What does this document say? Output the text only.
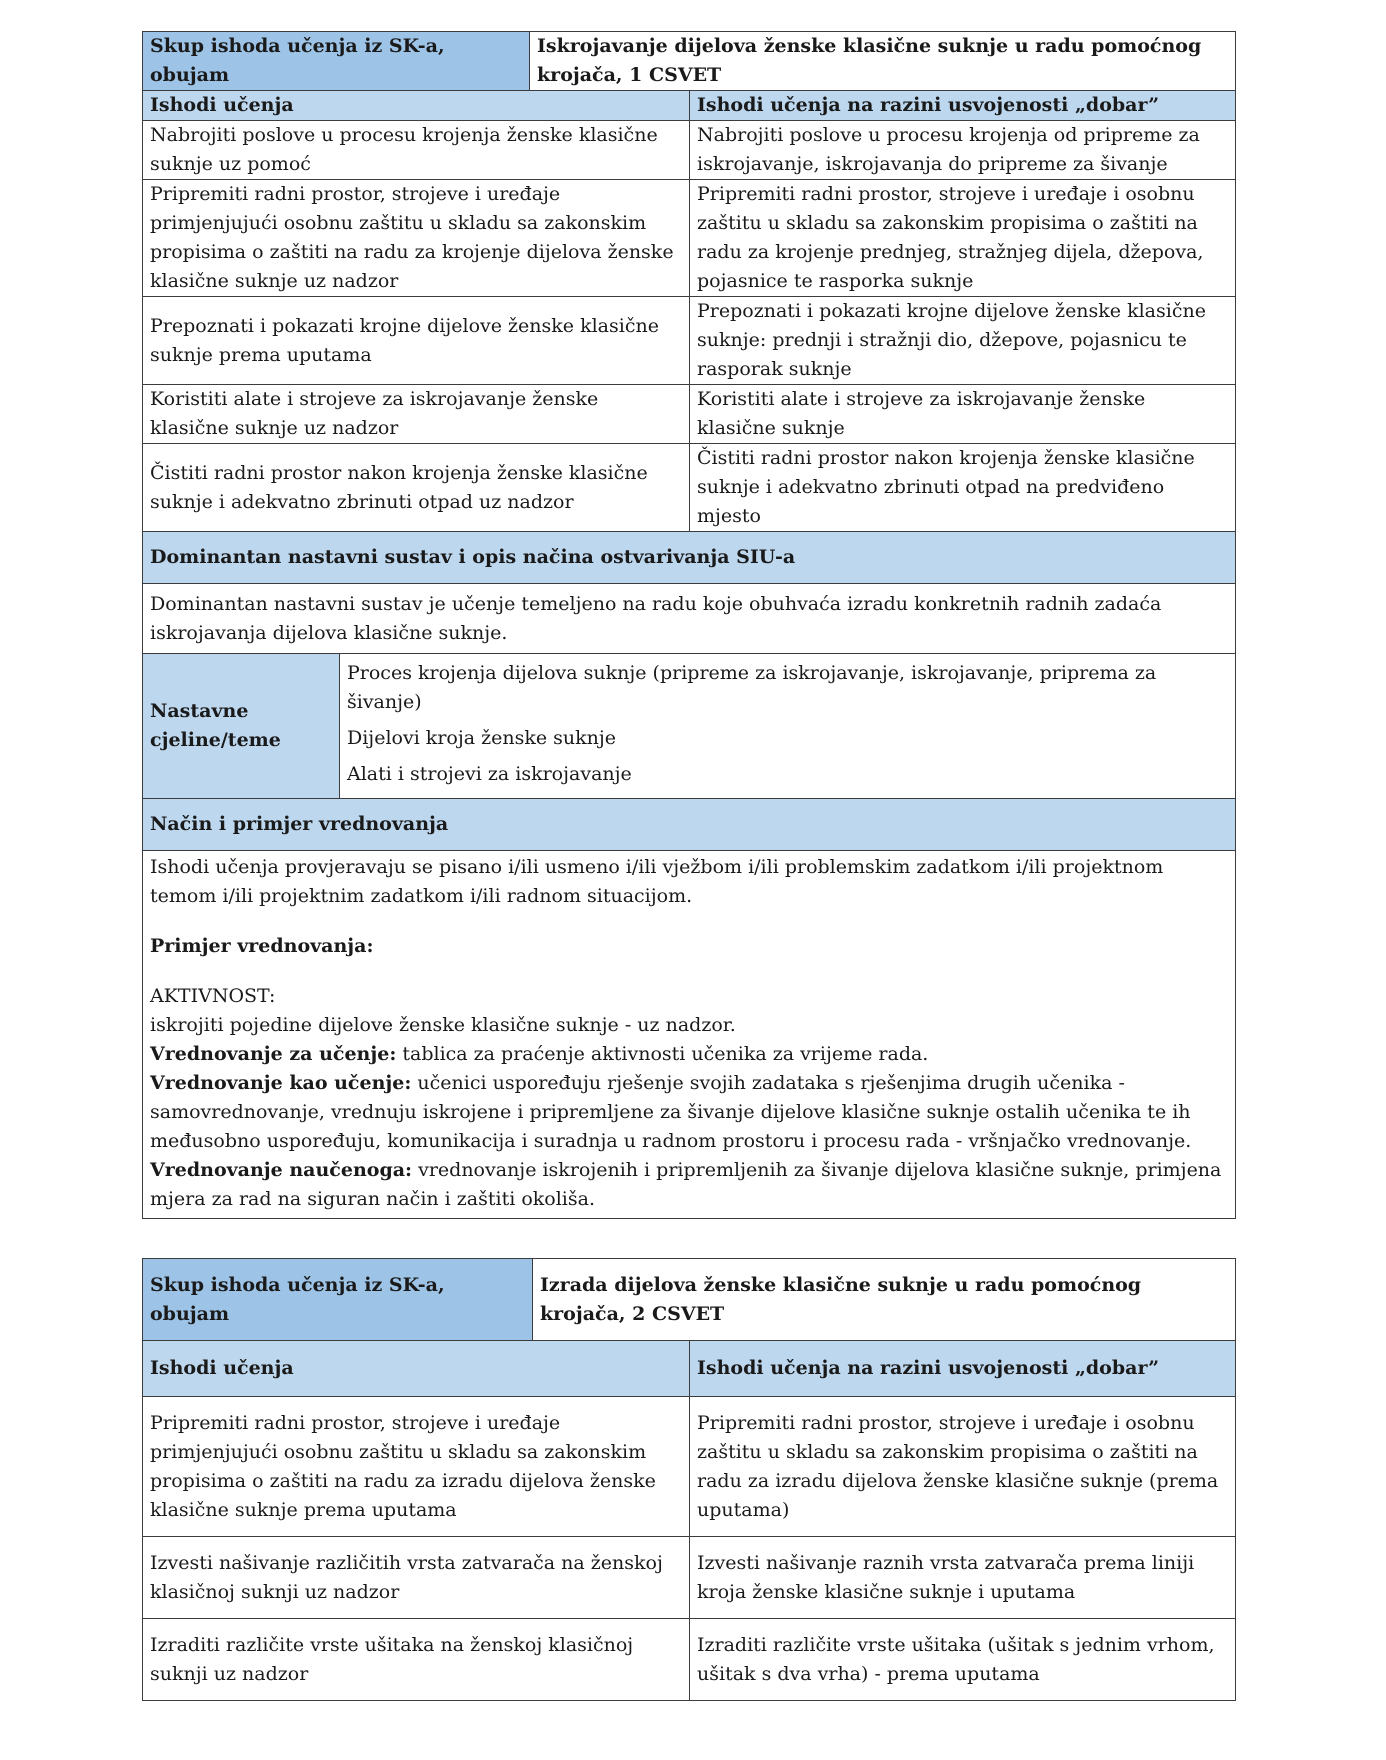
Skup ishoda učenja iz SK-a, obujam		Iskrojavanje dijelova ženske klasične suknje u radu pomoćnog krojača, 1 CSVET	
Ishodi učenja			Ishodi učenja na razini usvojenosti „dobar”
Nabrojiti poslove u procesu krojenja ženske klasične suknje uz pomoć			Nabrojiti poslove u procesu krojenja od pripreme za iskrojavanje, iskrojavanja do pripreme za šivanje
Pripremiti radni prostor, strojeve i uređaje primjenjujući osobnu zaštitu u skladu sa zakonskim propisima o zaštiti na radu za krojenje dijelova ženske klasične suknje uz nadzor			Pripremiti radni prostor, strojeve i uređaje i osobnu zaštitu u skladu sa zakonskim propisima o zaštiti na radu za krojenje prednjeg, stražnjeg dijela, džepova, pojasnice te rasporka suknje
Prepoznati i pokazati krojne dijelove ženske klasične suknje prema uputama			Prepoznati i pokazati krojne dijelove ženske klasične suknje: prednji i stražnji dio, džepove, pojasnicu te rasporak suknje
Koristiti alate i strojeve za iskrojavanje ženske klasične suknje uz nadzor			Koristiti alate i strojeve za iskrojavanje ženske klasične suknje
Čistiti radni prostor nakon krojenja ženske klasične suknje i adekvatno zbrinuti otpad uz nadzor			Čistiti radni prostor nakon krojenja ženske klasične suknje i adekvatno zbrinuti otpad na predviđeno mjesto
Dominantan nastavni sustav i opis načina ostvarivanja SIU-a			
Dominantan nastavni sustav je učenje temeljeno na radu koje obuhvaća izradu konkretnih radnih zadaća iskrojavanja dijelova klasične suknje.			
Nastavne cjeline/teme	Proces krojenja dijelova suknje (pripreme za iskrojavanje, iskrojavanje, priprema za šivanje)

Dijelovi kroja ženske suknje

Alati i strojevi za iskrojavanje		

Način i primjer vrednovanja			

Ishodi učenja provjeravaju se pisano i/ili usmeno i/ili vježbom i/ili problemskim zadatkom i/ili projektnom temom i/ili projektnim zadatkom i/ili radnom situacijom.

Primjer vrednovanja:

AKTIVNOST:

iskrojiti pojedine dijelove ženske klasične suknje - uz nadzor.

Vrednovanje za učenje: tablica za praćenje aktivnosti učenika za vrijeme rada.

Vrednovanje kao učenje: učenici uspoređuju rješenje svojih zadataka s rješenjima drugih učenika - samovrednovanje, vrednuju iskrojene i pripremljene za šivanje dijelove klasične suknje ostalih učenika te ih međusobno uspoređuju, komunikacija i suradnja u radnom prostoru i procesu rada - vršnjačko vrednovanje.

Vrednovanje naučenoga: vrednovanje iskrojenih i pripremljenih za šivanje dijelova klasične suknje, primjena mjera za rad na siguran način i zaštiti okoliša.

Skup ishoda učenja iz SK-a, obujam	Izrada dijelova ženske klasične suknje u radu pomoćnog krojača, 2 CSVET	
Ishodi učenja		Ishodi učenja na razini usvojenosti „dobar”
Pripremiti radni prostor, strojeve i uređaje primjenjujući osobnu zaštitu u skladu sa zakonskim propisima o zaštiti na radu za izradu dijelova ženske klasične suknje prema uputama		Pripremiti radni prostor, strojeve i uređaje i osobnu zaštitu u skladu sa zakonskim propisima o zaštiti na radu za izradu dijelova ženske klasične suknje (prema uputama)
Izvesti našivanje različitih vrsta zatvarača na ženskoj klasičnoj suknji uz nadzor		Izvesti našivanje raznih vrsta zatvarača prema liniji kroja ženske klasične suknje i uputama
Izraditi različite vrste ušitaka na ženskoj klasičnoj suknji uz nadzor		Izraditi različite vrste ušitaka (ušitak s jednim vrhom, ušitak s dva vrha) - prema uputama
